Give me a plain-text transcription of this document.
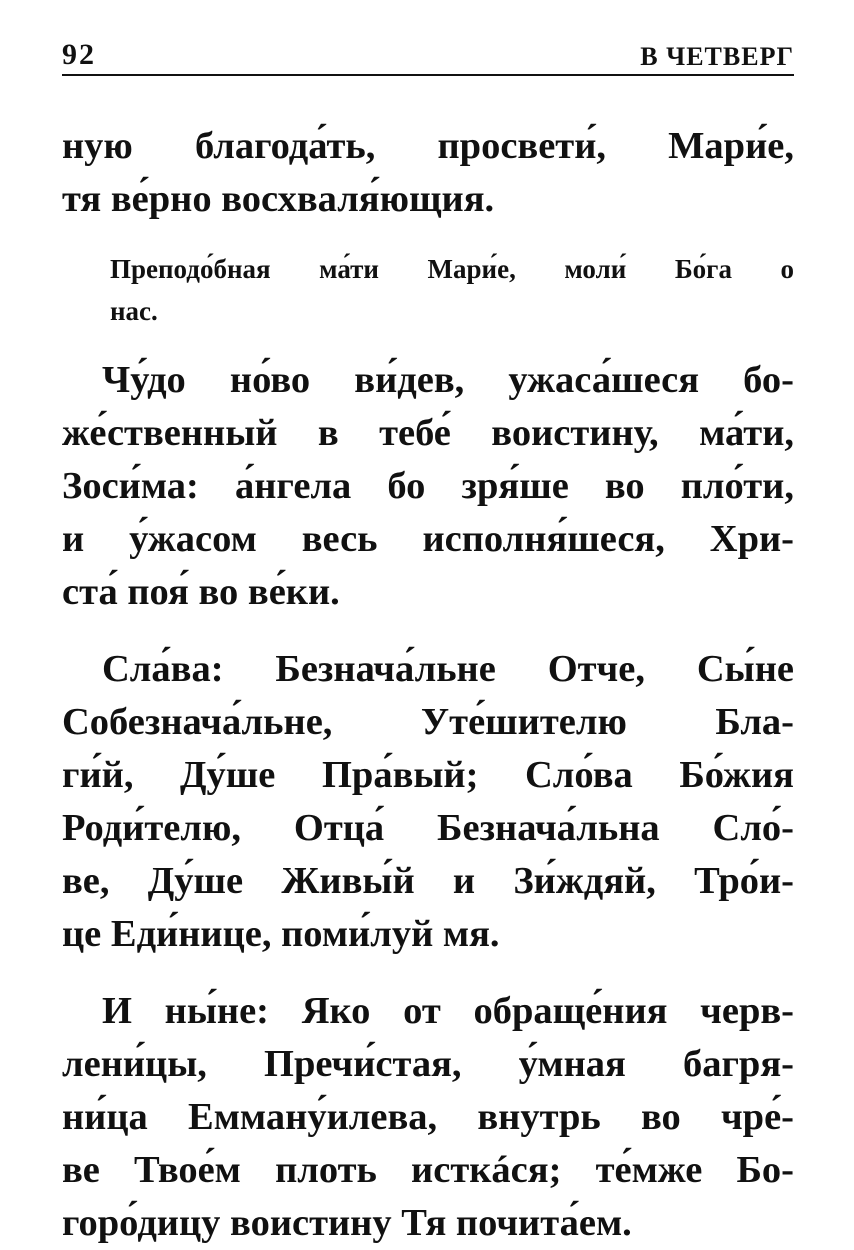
92	В ЧЕТВЕРГ
ную благода́ть, просвети́, Мари́е,
тя ве́рно восхваля́ющия.
Преподо́бная ма́ти Мари́е, моли́ Бо́га о
нас.
Чу́до но́во ви́дев, ужаса́шеся бо-
же́ственный в тебе́ воистину, ма́ти,
Зоси́ма: а́нгела бо зря́ше во пло́ти,
и у́жасом весь исполня́шеся, Хри-
ста́ поя́ во ве́ки.
Сла́ва: Безнача́льне Отче, Сы́не
Собезнача́льне, Уте́шителю Бла-
ги́й, Ду́ше Пра́вый; Сло́ва Бо́жия
Роди́телю, Отца́ Безнача́льна Сло́-
ве, Ду́ше Живы́й и Зи́ждяй, Тро́и-
це Еди́нице, поми́луй мя.
И ны́не: Яко от обраще́ния черв-
лени́цы, Пречи́стая, у́мная багря-
ни́ца Емману́илева, внутрь во чре́-
ве Твое́м плоть исткáся; те́мже Бо-
горо́дицу воистину Тя почита́ем.
